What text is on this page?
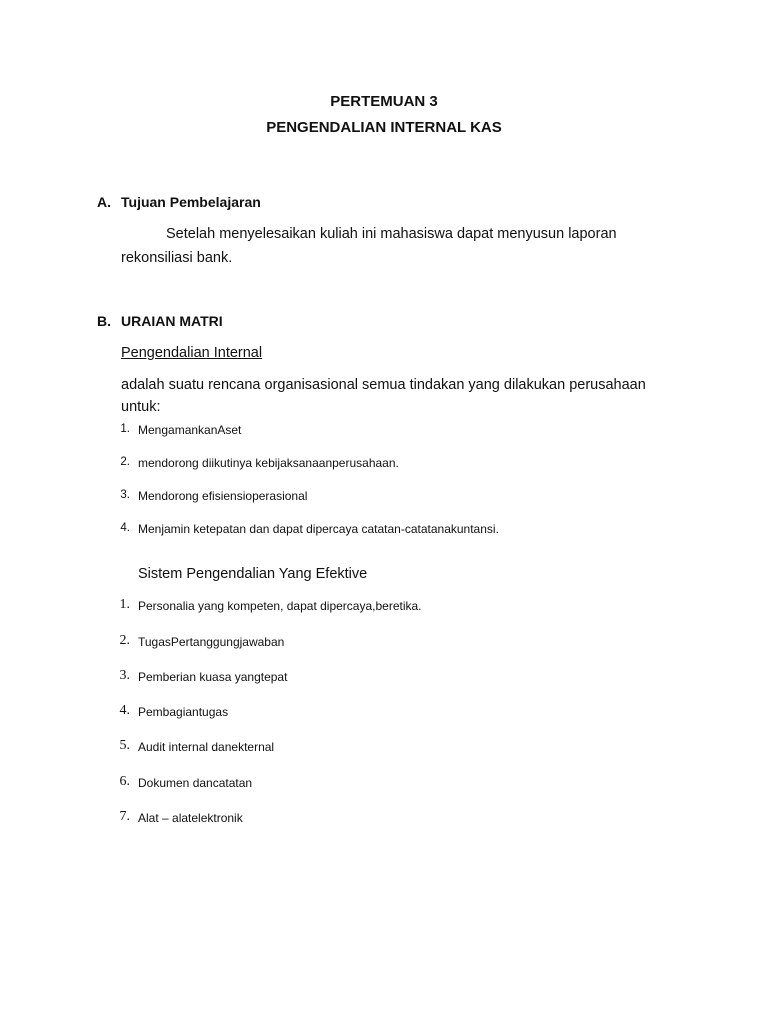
PERTEMUAN 3
PENGENDALIAN INTERNAL KAS
A. Tujuan Pembelajaran
Setelah menyelesaikan kuliah ini mahasiswa dapat menyusun laporan
rekonsiliasi bank.
B. URAIAN MATRI
Pengendalian Internal
adalah suatu rencana organisasional semua tindakan yang dilakukan perusahaan
untuk:
1. MengamankanAset
2. mendorong diikutinya kebijaksanaanperusahaan.
3. Mendorong efisiensioperasional
4. Menjamin ketepatan dan dapat dipercaya catatan-catatanakuntansi.
Sistem Pengendalian Yang Efektive
1. Personalia yang kompeten, dapat dipercaya,beretika.
2. TugasPertanggungjawaban
3. Pemberian kuasa yangtepat
4. Pembagiantugas
5. Audit internal danekternal
6. Dokumen dancatatan
7. Alat – alatelektronik
